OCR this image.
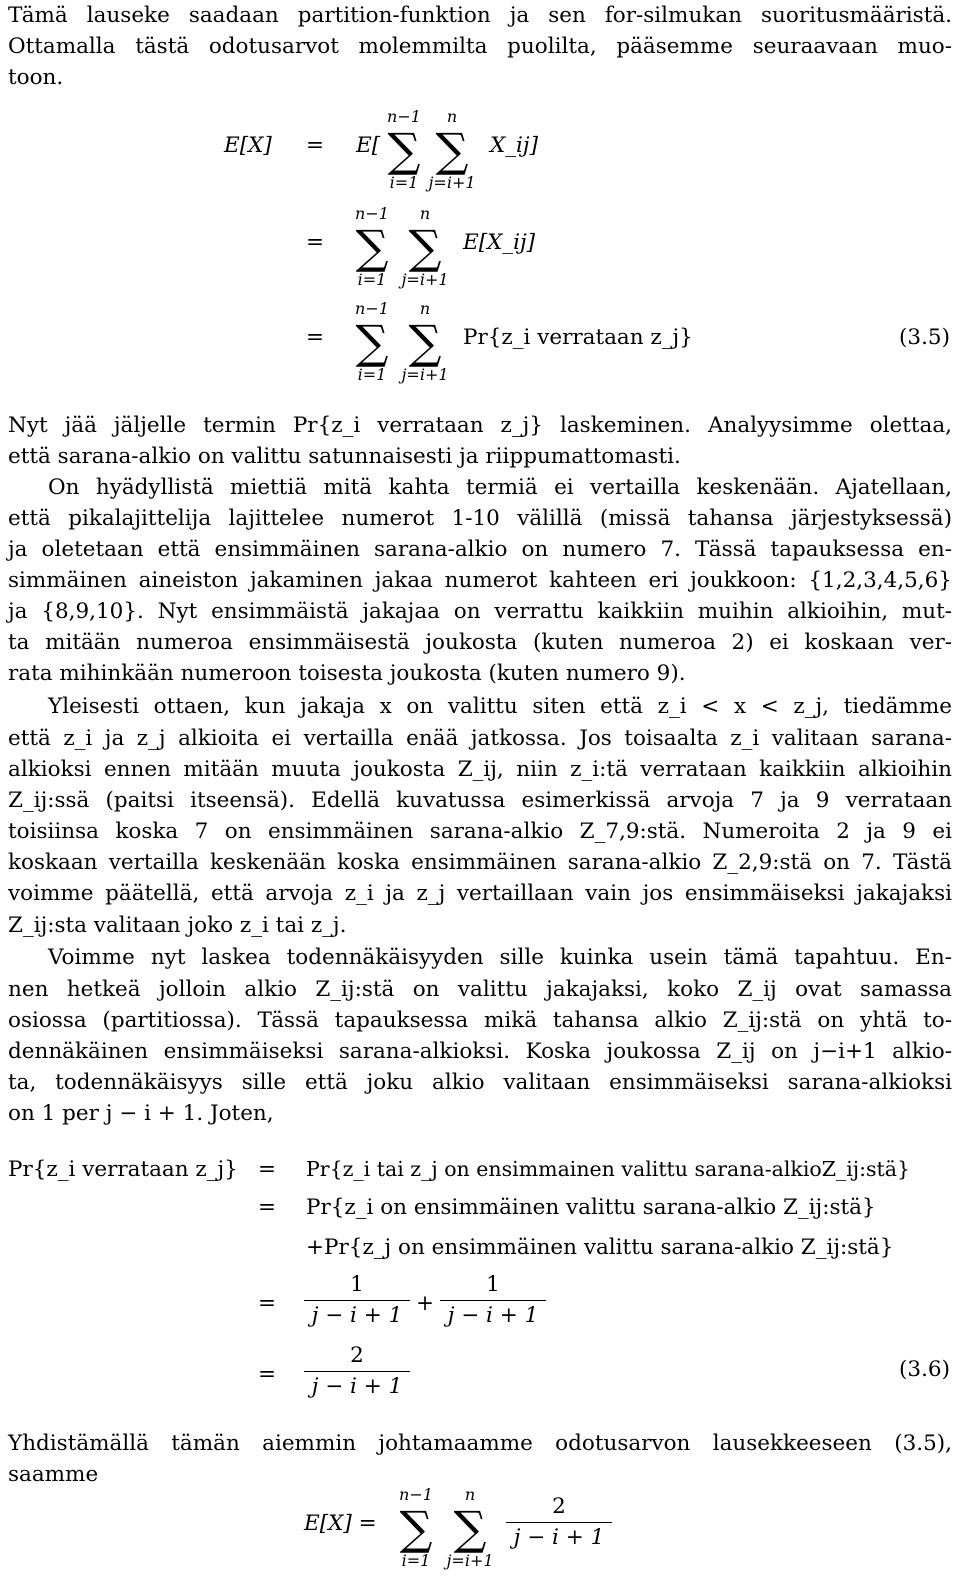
Tämä lauseke saadaan partition-funktion ja sen for-silmukan suoritusmääristä.
Ottamalla tästä odotusarvot molemmilta puolilta, pääsemme seuraavaan muo-
toon.
E[X] = E[
n−1
∑
i=1
n
∑
j=i+1
X_ij]
=
n−1
∑
i=1
n
∑
j=i+1
E[X_ij]
=
n−1
∑
i=1
n
∑
j=i+1
Pr{z_i verrataan z_j}	(3.5)
Nyt jää jäljelle termin Pr{z_i verrataan z_j} laskeminen. Analyysimme olettaa,
että sarana-alkio on valittu satunnaisesti ja riippumattomasti.
On hyädyllistä miettiä mitä kahta termiä ei vertailla keskenään. Ajatellaan,
että pikalajittelija lajittelee numerot 1-10 välillä (missä tahansa järjestyksessä)
ja oletetaan että ensimmäinen sarana-alkio on numero 7. Tässä tapauksessa en-
simmäinen aineiston jakaminen jakaa numerot kahteen eri joukkoon: {1,2,3,4,5,6}
ja {8,9,10}. Nyt ensimmäistä jakajaa on verrattu kaikkiin muihin alkioihin, mut-
ta mitään numeroa ensimmäisestä joukosta (kuten numeroa 2) ei koskaan ver-
rata mihinkään numeroon toisesta joukosta (kuten numero 9).
Yleisesti ottaen, kun jakaja x on valittu siten että z_i < x < z_j, tiedämme
että z_i ja z_j alkioita ei vertailla enää jatkossa. Jos toisaalta z_i valitaan sarana-
alkioksi ennen mitään muuta joukosta Z_ij, niin z_i:tä verrataan kaikkiin alkioihin
Z_ij:ssä (paitsi itseensä). Edellä kuvatussa esimerkissä arvoja 7 ja 9 verrataan
toisiinsa koska 7 on ensimmäinen sarana-alkio Z_7,9:stä. Numeroita 2 ja 9 ei
koskaan vertailla keskenään koska ensimmäinen sarana-alkio Z_2,9:stä on 7. Tästä
voimme päätellä, että arvoja z_i ja z_j vertaillaan vain jos ensimmäiseksi jakajaksi
Z_ij:sta valitaan joko z_i tai z_j.
Voimme nyt laskea todennäkäisyyden sille kuinka usein tämä tapahtuu. En-
nen hetkeä jolloin alkio Z_ij:stä on valittu jakajaksi, koko Z_ij ovat samassa
osiossa (partitiossa). Tässä tapauksessa mikä tahansa alkio Z_ij:stä on yhtä to-
dennäkäinen ensimmäiseksi sarana-alkioksi. Koska joukossa Z_ij on j−i+1 alkio-
ta, todennäkäisyys sille että joku alkio valitaan ensimmäiseksi sarana-alkioksi
on 1 per j − i + 1. Joten,
Pr{z_i verrataan z_j} = Pr{z_i tai z_j on ensimmainen valittu sarana-alkioZ_ij:stä}
= Pr{z_i on ensimmäinen valittu sarana-alkio Z_ij:stä}
+Pr{z_j on ensimmäinen valittu sarana-alkio Z_ij:stä}
=
1
j − i + 1 +
1
j − i + 1
=
2
j − i + 1
(3.6)
Yhdistämällä tämän aiemmin johtamaamme odotusarvon lausekkeeseen (3.5),
saamme
E[X] =
n−1
∑
i=1
n
∑
j=i+1
2
j − i + 1
